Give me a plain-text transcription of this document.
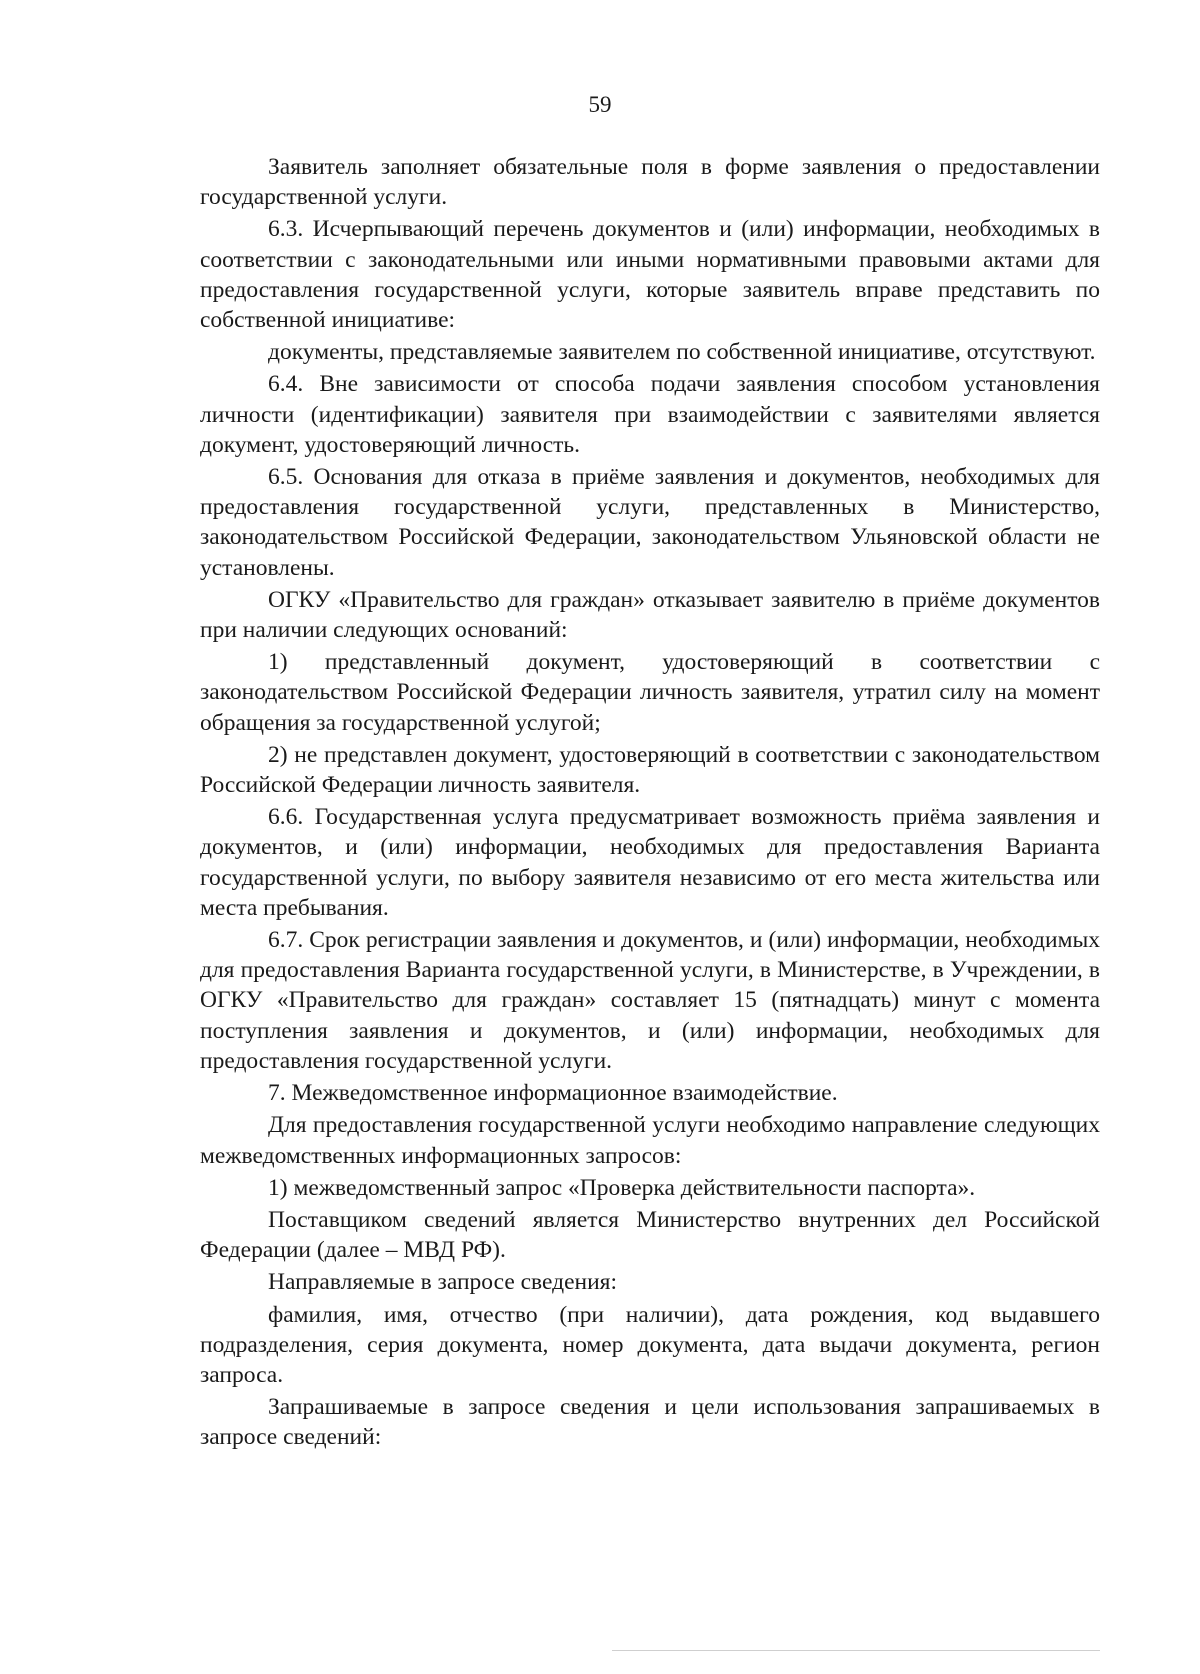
59

Заявитель заполняет обязательные поля в форме заявления о предоставлении государственной услуги.

6.3. Исчерпывающий перечень документов и (или) информации, необходимых в соответствии с законодательными или иными нормативными правовыми актами для предоставления государственной услуги, которые заявитель вправе представить по собственной инициативе:

документы, представляемые заявителем по собственной инициативе, отсутствуют.

6.4. Вне зависимости от способа подачи заявления способом установления личности (идентификации) заявителя при взаимодействии с заявителями является документ, удостоверяющий личность.

6.5. Основания для отказа в приёме заявления и документов, необходимых для предоставления государственной услуги, представленных в Министерство, законодательством Российской Федерации, законодательством Ульяновской области не установлены.

ОГКУ «Правительство для граждан» отказывает заявителю в приёме документов при наличии следующих оснований:

1) представленный документ, удостоверяющий в соответствии с законодательством Российской Федерации личность заявителя, утратил силу на момент обращения за государственной услугой;

2) не представлен документ, удостоверяющий в соответствии с законодательством Российской Федерации личность заявителя.

6.6. Государственная услуга предусматривает возможность приёма заявления и документов, и (или) информации, необходимых для предоставления Варианта государственной услуги, по выбору заявителя независимо от его места жительства или места пребывания.

6.7. Срок регистрации заявления и документов, и (или) информации, необходимых для предоставления Варианта государственной услуги, в Министерстве, в Учреждении, в ОГКУ «Правительство для граждан» составляет 15 (пятнадцать) минут с момента поступления заявления и документов, и (или) информации, необходимых для предоставления государственной услуги.

7. Межведомственное информационное взаимодействие.

Для предоставления государственной услуги необходимо направление следующих межведомственных информационных запросов:

1) межведомственный запрос «Проверка действительности паспорта».

Поставщиком сведений является Министерство внутренних дел Российской Федерации (далее – МВД РФ).

Направляемые в запросе сведения:

фамилия, имя, отчество (при наличии), дата рождения, код выдавшего подразделения, серия документа, номер документа, дата выдачи документа, регион запроса.

Запрашиваемые в запросе сведения и цели использования запрашиваемых в запросе сведений:
